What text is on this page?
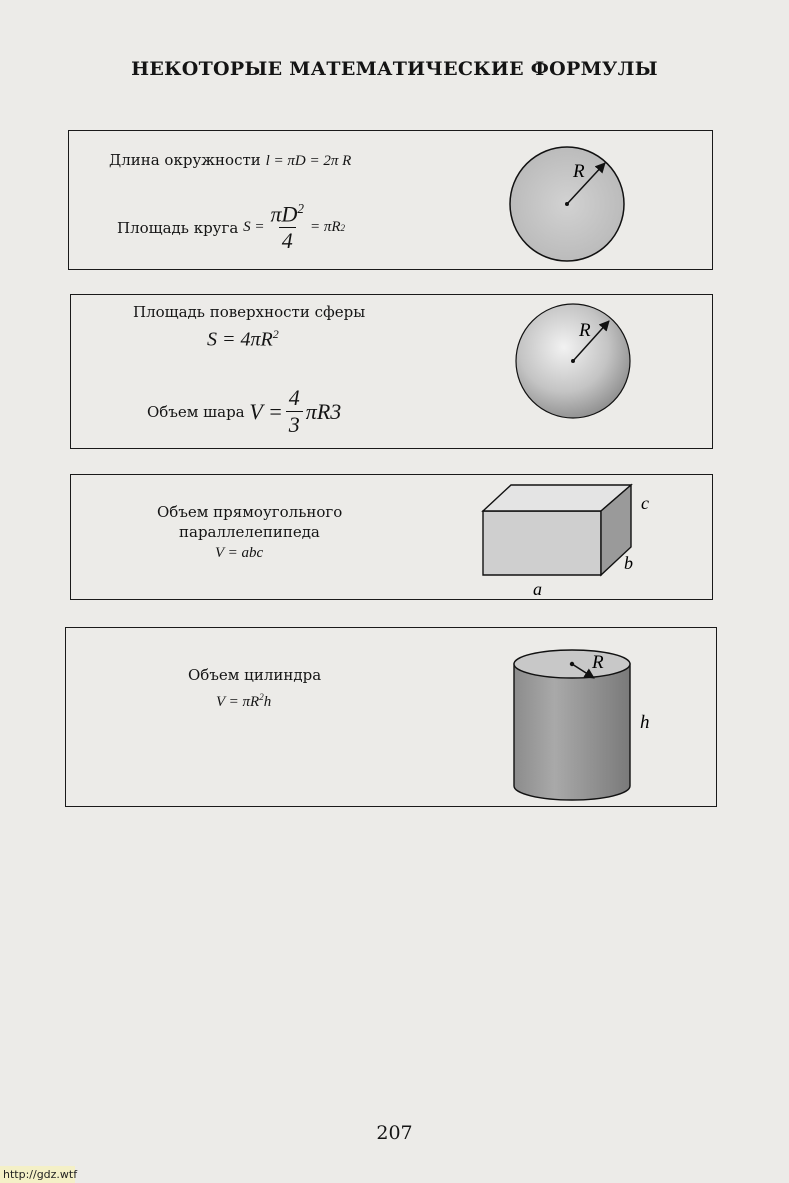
НЕКОТОРЫЕ МАТЕМАТИЧЕСКИЕ ФОРМУЛЫ
Длина окружности l = πD = 2π R
Площадь круга
$S = \frac{\pi D^2}{4} = \pi R$ 2
R
Площадь поверхности сферы
$S = 4\pi R^2$
Объем шара
$V = \frac{4}{3}$ πR 3
R
Объем прямоугольного
параллелепипеда
V = abc
c
b
a
Объем цилиндра
$V = \pi R^2h$
R
h
207
http://gdz.wtf
